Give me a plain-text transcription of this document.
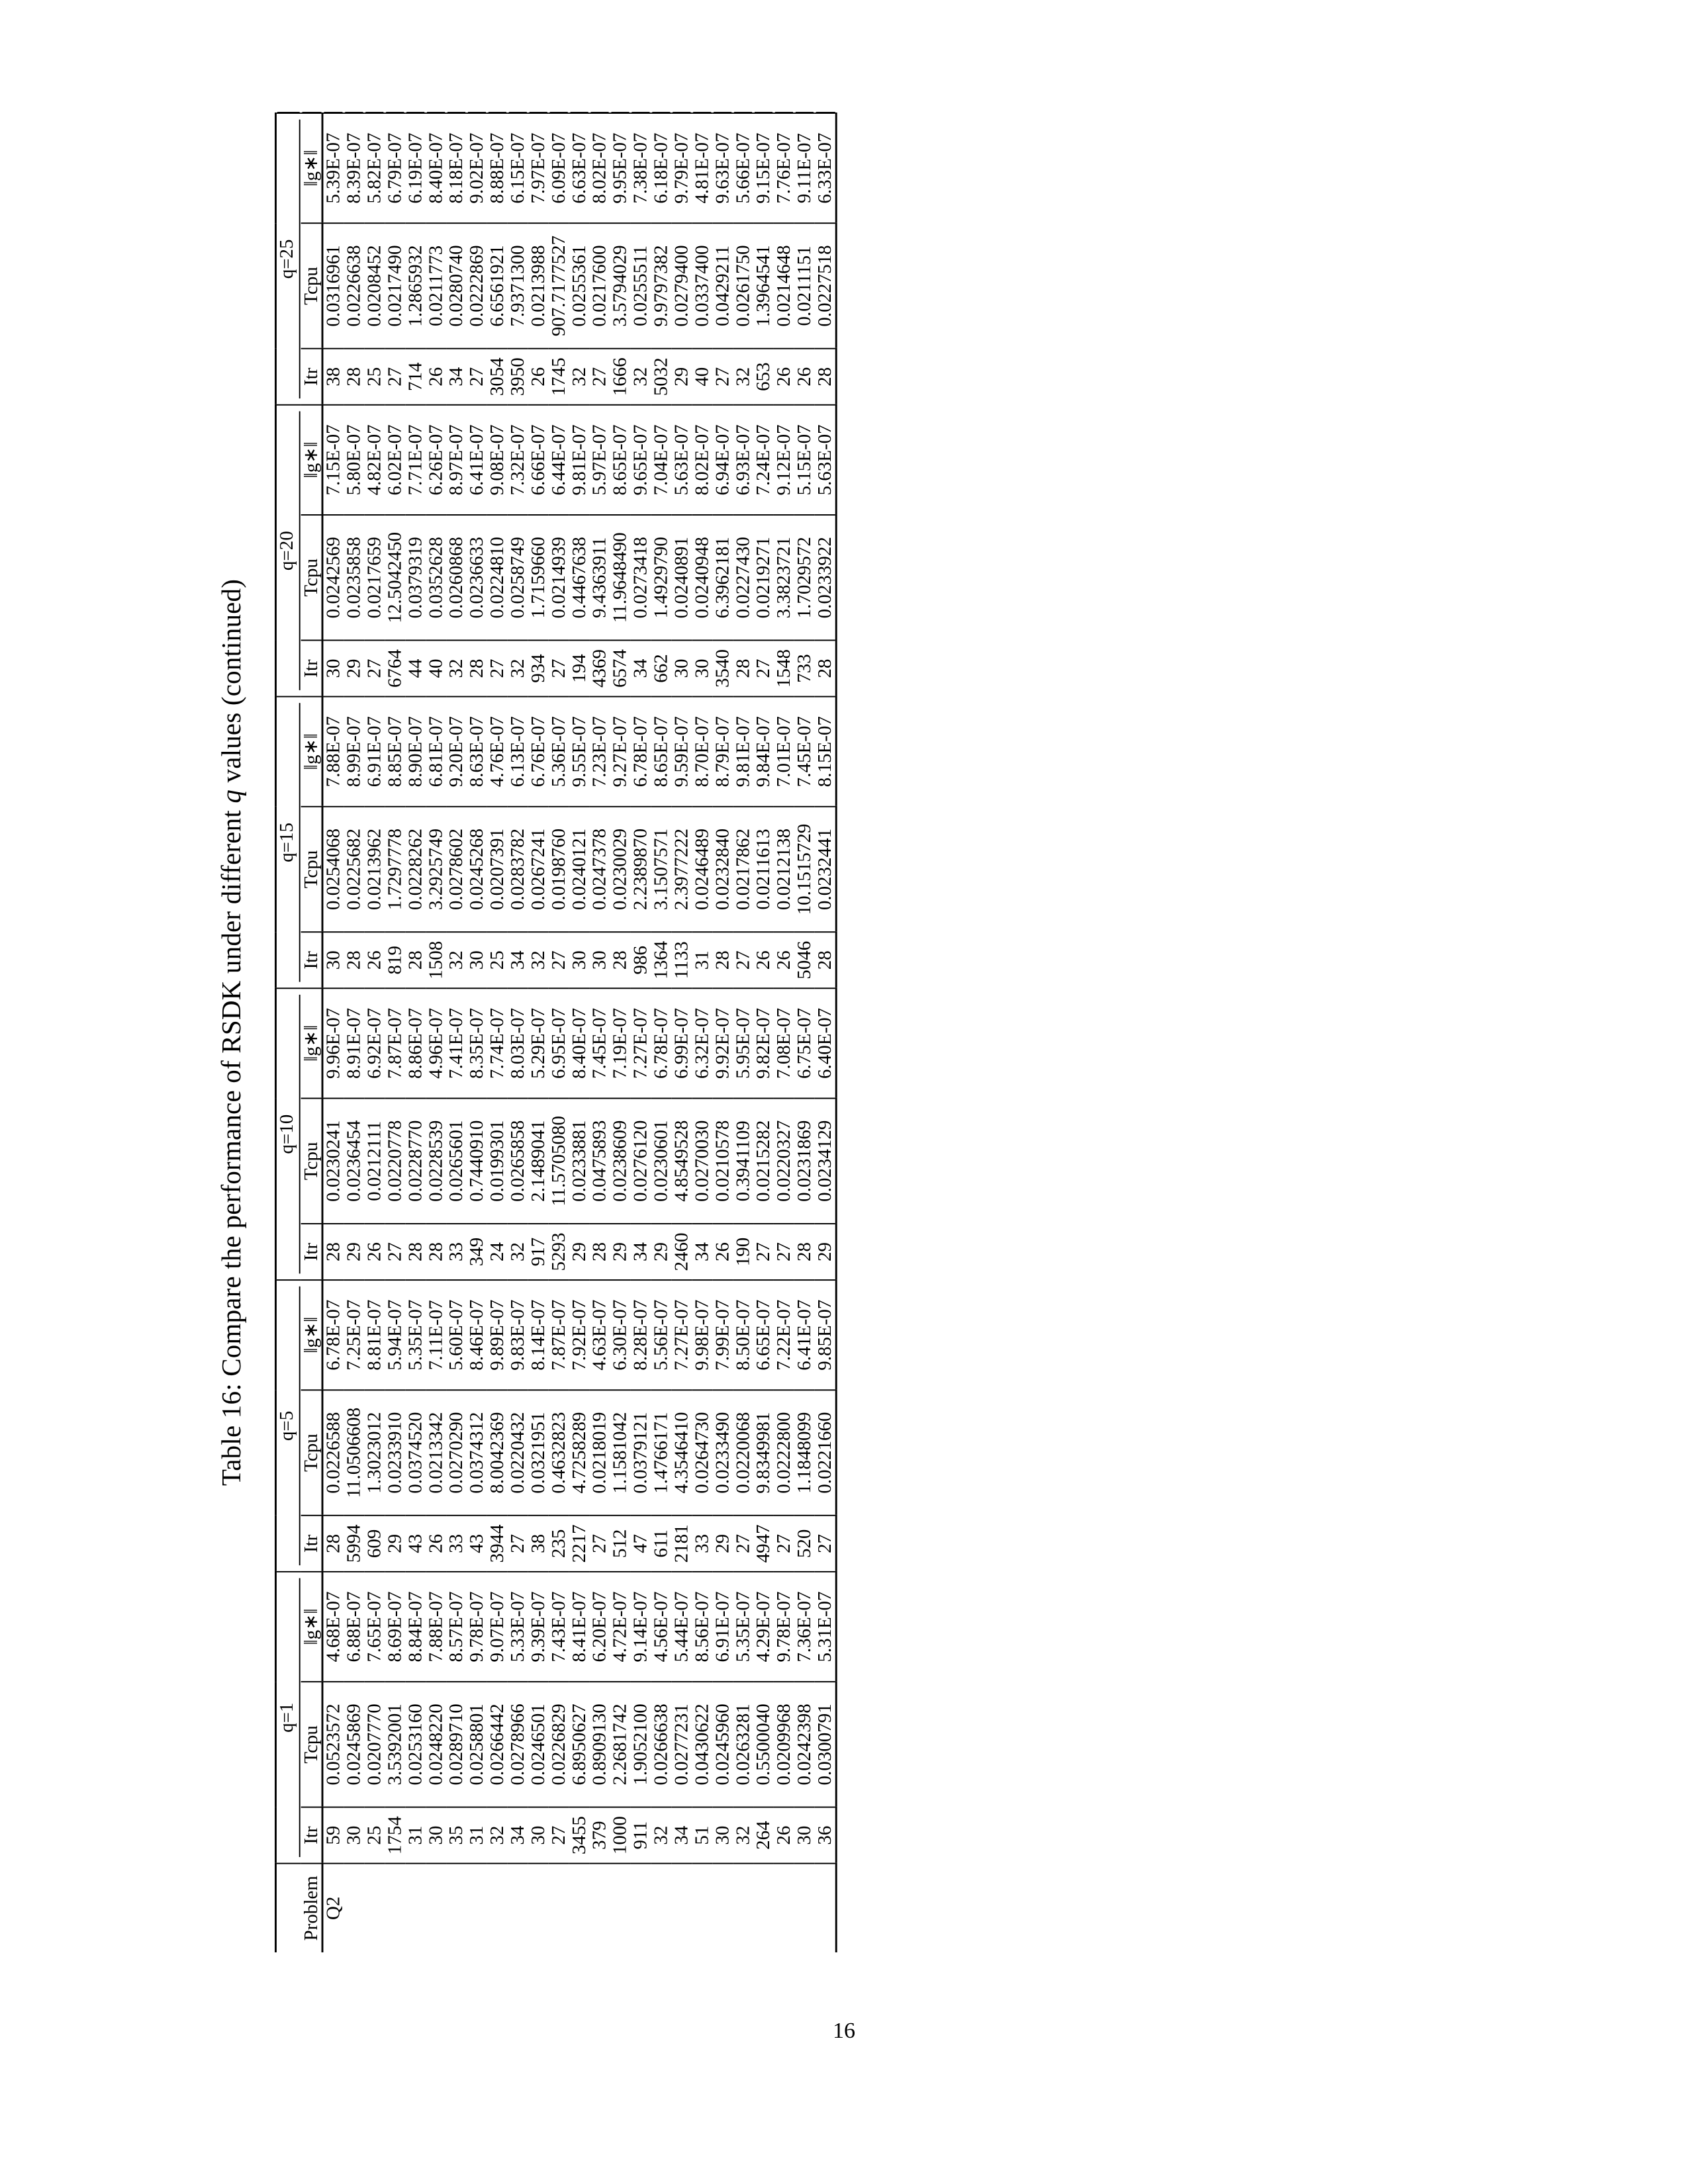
Table 16: Compare the performance of RSDK under different q values (continued)

	q=1			q=5			q=10			q=15			q=20			q=25		

Problem	Itr	Tcpu	‖g∗‖	Itr	Tcpu	‖g∗‖	Itr	Tcpu	‖g∗‖	Itr	Tcpu	‖g∗‖	Itr	Tcpu	‖g∗‖	Itr	Tcpu	‖g∗‖
Q2	59	0.0523572	4.68E-07	28	0.0226588	6.78E-07	28	0.0230241	9.96E-07	30	0.0254068	7.88E-07	30	0.0242569	7.15E-07	38	0.0316961	5.39E-07
	30	0.0245869	6.88E-07	5994	11.0506608	7.25E-07	29	0.0236454	8.91E-07	28	0.0225682	8.99E-07	29	0.0235858	5.80E-07	28	0.0226638	8.39E-07
	25	0.0207770	7.65E-07	609	1.3023012	8.81E-07	26	0.0212111	6.92E-07	26	0.0213962	6.91E-07	27	0.0217659	4.82E-07	25	0.0208452	5.82E-07
	1754	3.5392001	8.69E-07	29	0.0233910	5.94E-07	27	0.0220778	7.87E-07	819	1.7297778	8.85E-07	6764	12.5042450	6.02E-07	27	0.0217490	6.79E-07
	31	0.0253160	8.84E-07	43	0.0374520	5.35E-07	28	0.0228770	8.86E-07	28	0.0228262	8.90E-07	44	0.0379319	7.71E-07	714	1.2865932	6.19E-07
	30	0.0248220	7.88E-07	26	0.0213342	7.11E-07	28	0.0228539	4.96E-07	1508	3.2925749	6.81E-07	40	0.0352628	6.26E-07	26	0.0211773	8.40E-07
	35	0.0289710	8.57E-07	33	0.0270290	5.60E-07	33	0.0265601	7.41E-07	32	0.0278602	9.20E-07	32	0.0260868	8.97E-07	34	0.0280740	8.18E-07
	31	0.0258801	9.78E-07	43	0.0374312	8.46E-07	349	0.7440910	8.35E-07	30	0.0245268	8.63E-07	28	0.0236633	6.41E-07	27	0.0222869	9.02E-07
	32	0.0266442	9.07E-07	3944	8.0042369	9.89E-07	24	0.0199301	7.74E-07	25	0.0207391	4.76E-07	27	0.0224810	9.08E-07	3054	6.6561921	8.88E-07
	34	0.0278966	5.33E-07	27	0.0220432	9.83E-07	32	0.0265858	8.03E-07	34	0.0283782	6.13E-07	32	0.0258749	7.32E-07	3950	7.9371300	6.15E-07
	30	0.0246501	9.39E-07	38	0.0321951	8.14E-07	917	2.1489041	5.29E-07	32	0.0267241	6.76E-07	934	1.7159660	6.66E-07	26	0.0213988	7.97E-07
	27	0.0226829	7.43E-07	235	0.4632823	7.87E-07	5293	11.5705080	6.95E-07	27	0.0198760	5.36E-07	27	0.0214939	6.44E-07	1745	907.7177527	6.09E-07
	3455	6.8950627	8.41E-07	2217	4.7258289	7.92E-07	29	0.0233881	8.40E-07	30	0.0240121	9.55E-07	194	0.4467638	9.81E-07	32	0.0255361	6.63E-07
	379	0.8909130	6.20E-07	27	0.0218019	4.63E-07	28	0.0475893	7.45E-07	30	0.0247378	7.23E-07	4369	9.4363911	5.97E-07	27	0.0217600	8.02E-07
	1000	2.2681742	4.72E-07	512	1.1581042	6.30E-07	29	0.0238609	7.19E-07	28	0.0230029	9.27E-07	6574	11.9648490	8.65E-07	1666	3.5794029	9.95E-07
	911	1.9052100	9.14E-07	47	0.0379121	8.28E-07	34	0.0276120	7.27E-07	986	2.2389870	6.78E-07	34	0.0273418	9.65E-07	32	0.0255511	7.38E-07
	32	0.0266638	4.56E-07	611	1.4766171	5.56E-07	29	0.0230601	6.78E-07	1364	3.1507571	8.65E-07	662	1.4929790	7.04E-07	5032	9.9797382	6.18E-07
	34	0.0277231	5.44E-07	2181	4.3546410	7.27E-07	2460	4.8549528	6.99E-07	1133	2.3977222	9.59E-07	30	0.0240891	5.63E-07	29	0.0279400	9.79E-07
	51	0.0430622	8.56E-07	33	0.0264730	9.98E-07	34	0.0270030	6.32E-07	31	0.0246489	8.70E-07	30	0.0240948	8.02E-07	40	0.0337400	4.81E-07
	30	0.0245960	6.91E-07	29	0.0233490	7.99E-07	26	0.0210578	9.92E-07	28	0.0232840	8.79E-07	3540	6.3962181	6.94E-07	27	0.0429211	9.63E-07
	32	0.0263281	5.35E-07	27	0.0220068	8.50E-07	190	0.3941109	5.95E-07	27	0.0217862	9.81E-07	28	0.0227430	6.93E-07	32	0.0261750	5.66E-07
	264	0.5500040	4.29E-07	4947	9.8349981	6.65E-07	27	0.0215282	9.82E-07	26	0.0211613	9.84E-07	27	0.0219271	7.24E-07	653	1.3964541	9.15E-07
	26	0.0209968	9.78E-07	27	0.0222800	7.22E-07	27	0.0220327	7.08E-07	26	0.0212138	7.01E-07	1548	3.3823721	9.12E-07	26	0.0214648	7.76E-07
	30	0.0242398	7.36E-07	520	1.1848099	6.41E-07	28	0.0231869	6.75E-07	5046	10.1515729	7.45E-07	733	1.7029572	5.15E-07	26	0.0211151	9.11E-07
	36	0.0300791	5.31E-07	27	0.0221660	9.85E-07	29	0.0234129	6.40E-07	28	0.0232441	8.15E-07	28	0.0233922	5.63E-07	28	0.0227518	6.33E-07
16
